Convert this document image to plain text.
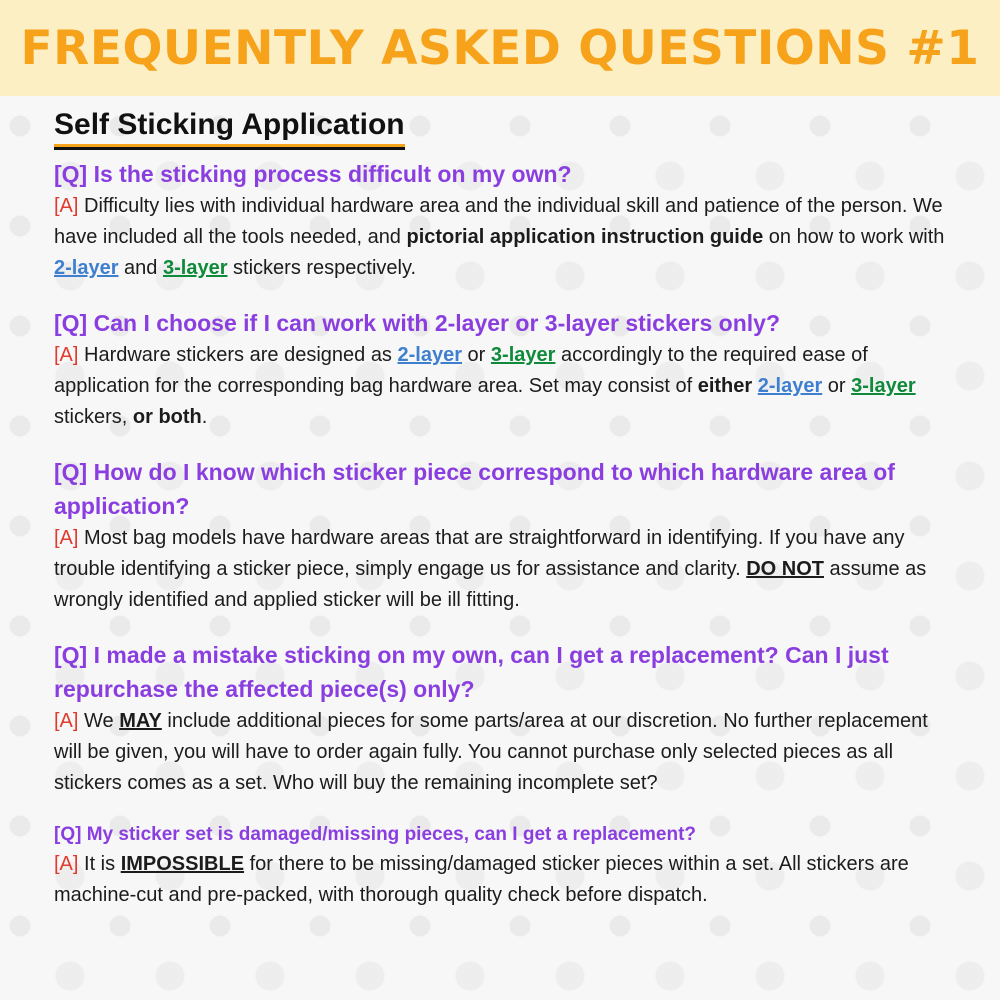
FREQUENTLY ASKED QUESTIONS #1
Self Sticking Application
[Q] Is the sticking process difficult on my own?
[A] Difficulty lies with individual hardware area and the individual skill and patience of the person. We have included all the tools needed, and pictorial application instruction guide on how to work with 2-layer and 3-layer stickers respectively.
[Q] Can I choose if I can work with 2-layer or 3-layer stickers only?
[A] Hardware stickers are designed as 2-layer or 3-layer accordingly to the required ease of application for the corresponding bag hardware area. Set may consist of either 2-layer or 3-layer stickers, or both.
[Q] How do I know which sticker piece correspond to which hardware area of application?
[A] Most bag models have hardware areas that are straightforward in identifying. If you have any trouble identifying a sticker piece, simply engage us for assistance and clarity. DO NOT assume as wrongly identified and applied sticker will be ill fitting.
[Q] I made a mistake sticking on my own, can I get a replacement? Can I just repurchase the affected piece(s) only?
[A] We MAY include additional pieces for some parts/area at our discretion. No further replacement will be given, you will have to order again fully. You cannot purchase only selected pieces as all stickers comes as a set. Who will buy the remaining incomplete set?
[Q] My sticker set is damaged/missing pieces, can I get a replacement?
[A] It is IMPOSSIBLE for there to be missing/damaged sticker pieces within a set. All stickers are machine-cut and pre-packed, with thorough quality check before dispatch.
